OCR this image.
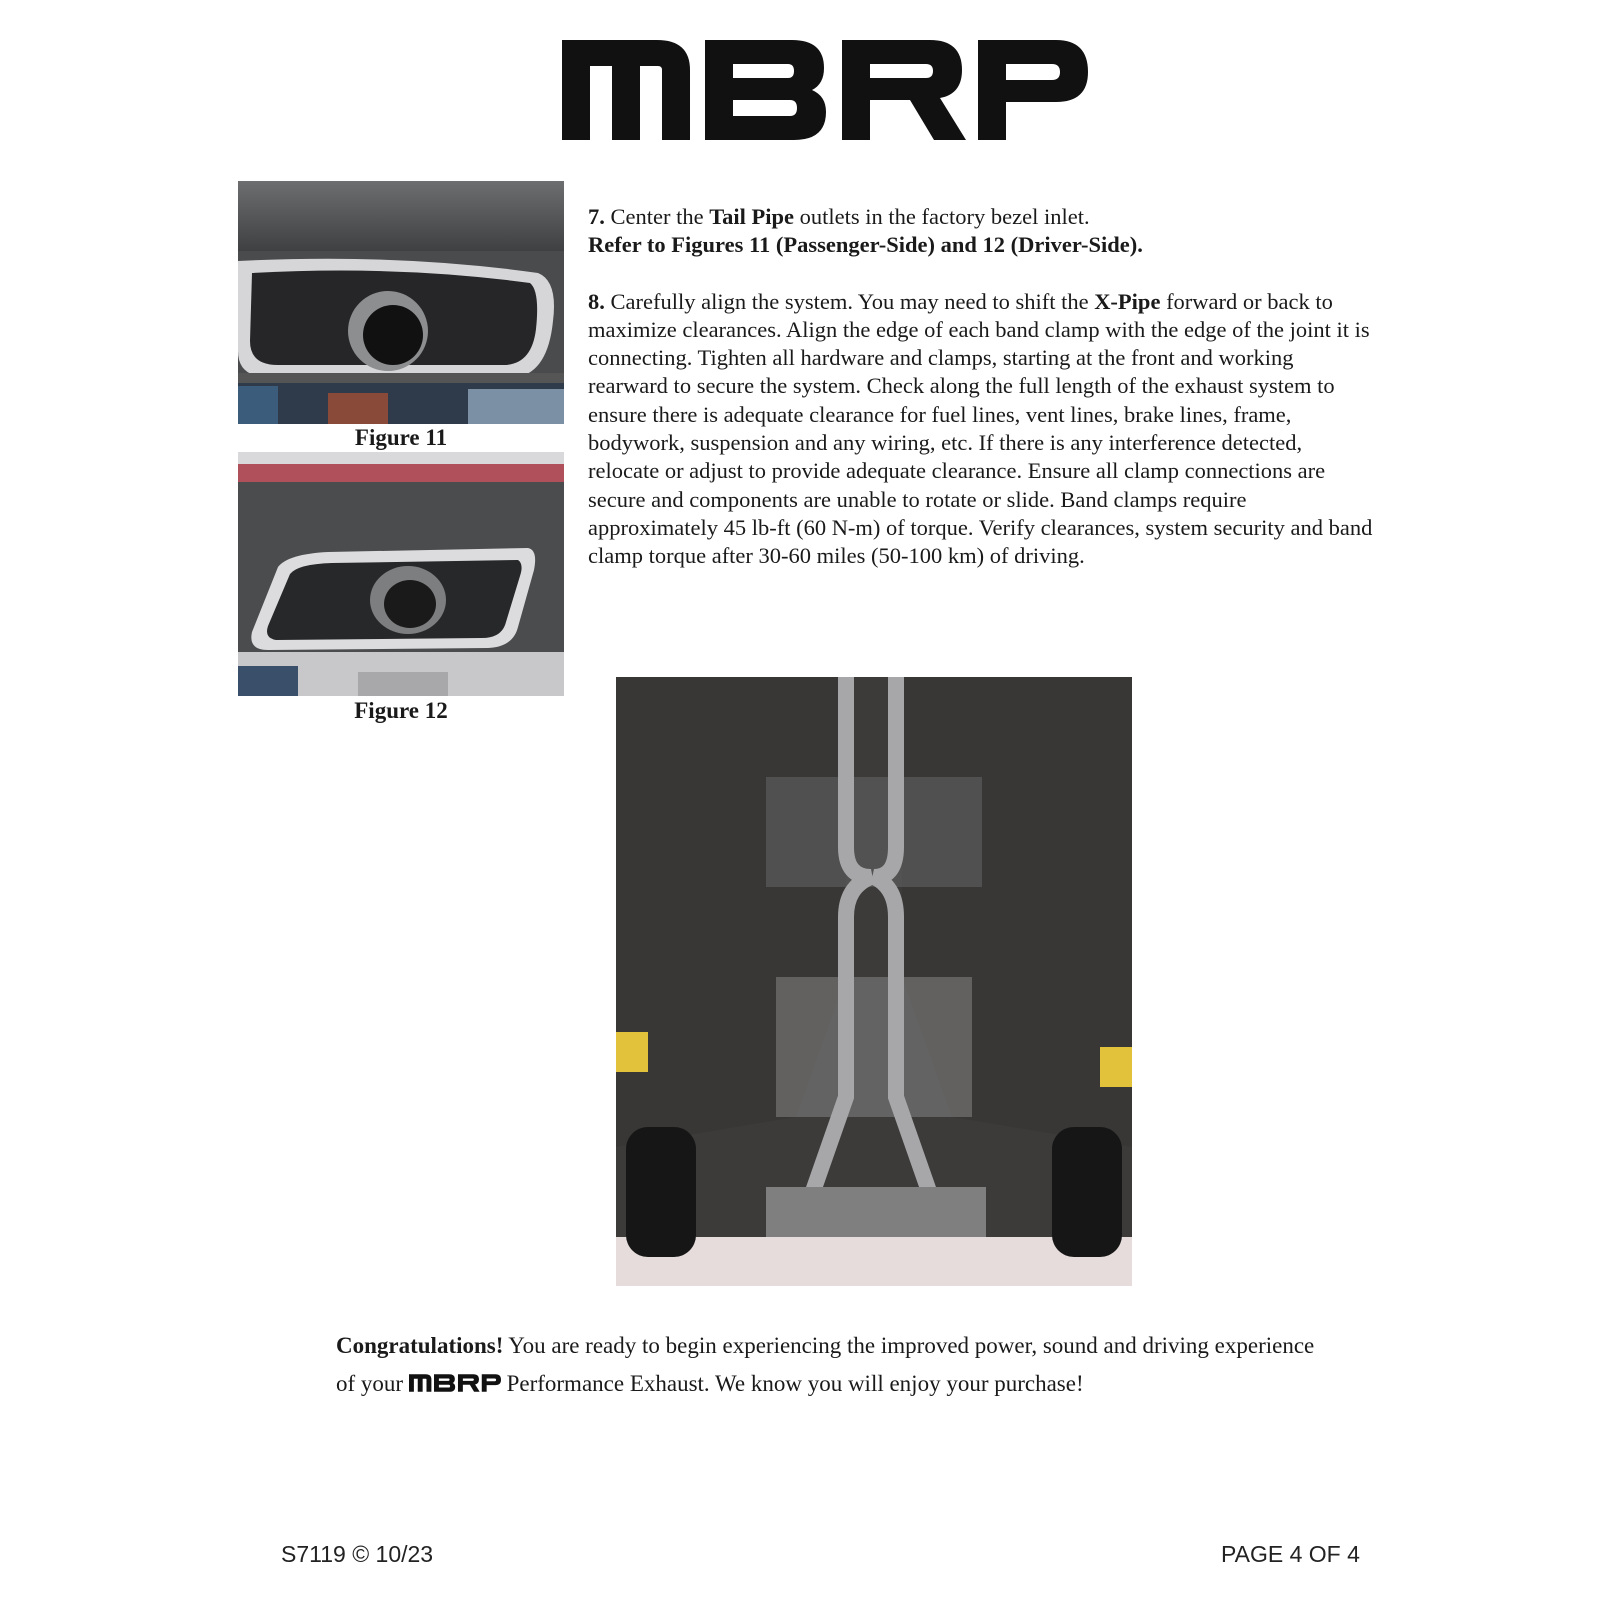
Figure 11
Figure 12

7. Center the Tail Pipe outlets in the factory bezel inlet.
Refer to Figures 11 (Passenger-Side) and 12 (Driver-Side).

8. Carefully align the system. You may need to shift the X-Pipe forward or back to maximize clearances. Align the edge of each band clamp with the edge of the joint it is connecting. Tighten all hardware and clamps, starting at the front and working rearward to secure the system. Check along the full length of the exhaust system to ensure there is adequate clearance for fuel lines, vent lines, brake lines, frame, bodywork, suspension and any wiring, etc. If there is any interference detected, relocate or adjust to provide adequate clearance. Ensure all clamp connections are secure and components are unable to rotate or slide. Band clamps require approximately 45 lb-ft (60 N-m) of torque. Verify clearances, system security and band clamp torque after 30-60 miles (50-100 km) of driving.

Congratulations! You are ready to begin experiencing the improved power, sound and driving experience of your	Performance Exhaust. We know you will enjoy your purchase!
S7119 © 10/23	PAGE 4 OF 4
